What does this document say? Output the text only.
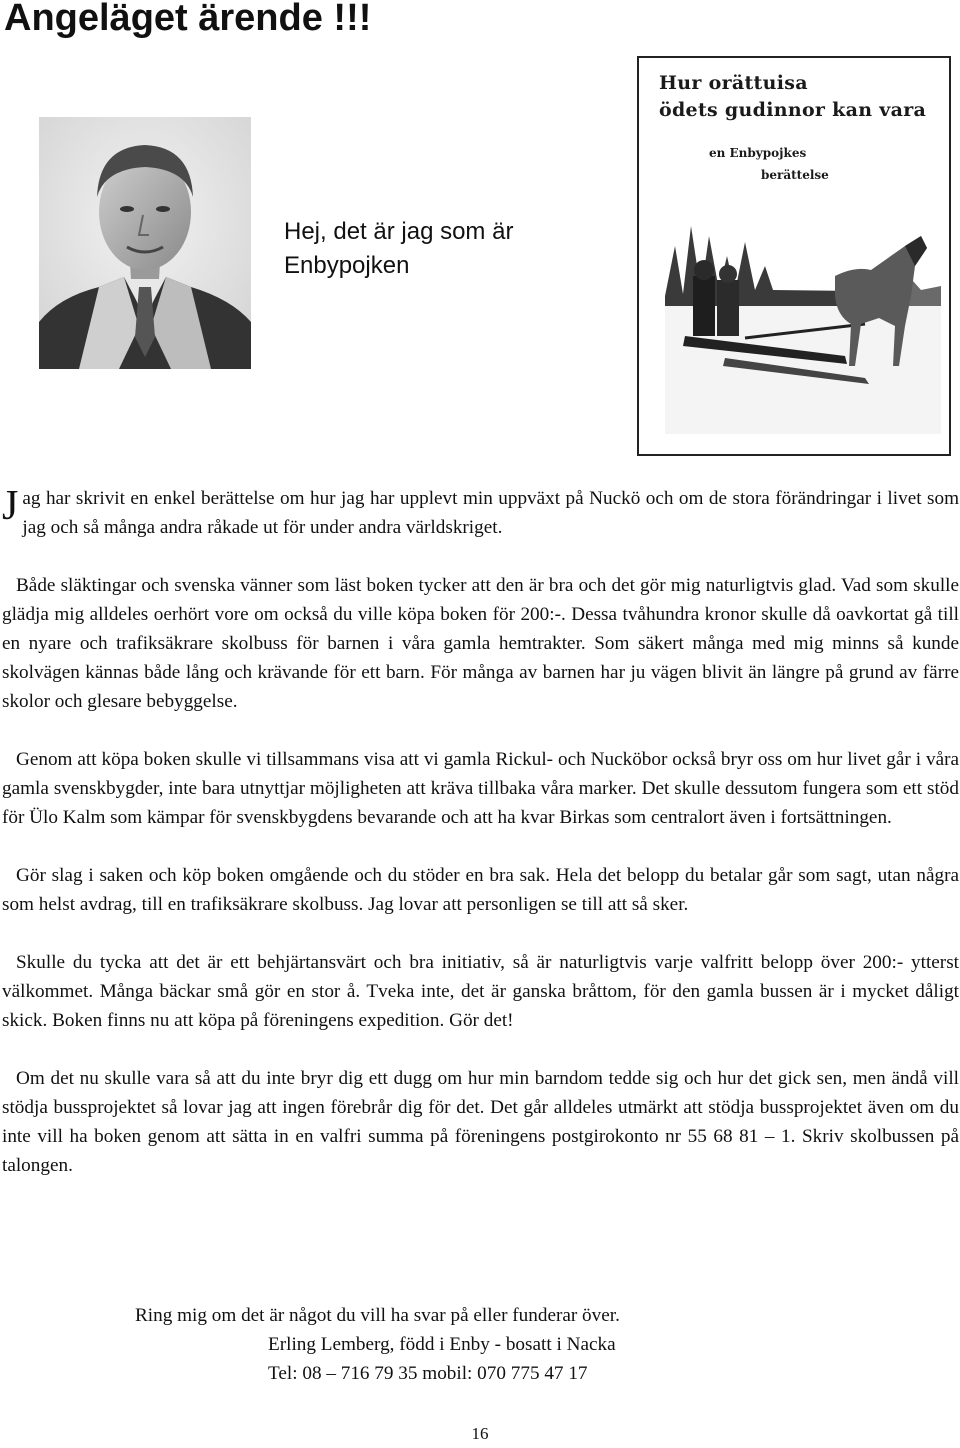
Angeläget ärende !!!
Hej, det är jag som är
Enbypojken
Hur orättuisa
ödets gudinnor kan vara
en Enbypojkes
berättelse

Jag har skrivit en enkel berättelse om hur jag har upplevt min uppväxt på Nuckö och om de stora förändringar i livet som jag och så många andra råkade ut för under andra världskriget.

Både släktingar och svenska vänner som läst boken tycker att den är bra och det gör mig naturligtvis glad. Vad som skulle glädja mig alldeles oerhört vore om också du ville köpa boken för 200:-. Dessa tvåhundra kronor skulle då oavkortat gå till en nyare och trafiksäkrare skolbuss för barnen i våra gamla hemtrakter. Som säkert många med mig minns så kunde skolvägen kännas både lång och krävande för ett barn. För många av barnen har ju vägen blivit än längre på grund av färre skolor och glesare bebyggelse.

Genom att köpa boken skulle vi tillsammans visa att vi gamla Rickul- och Nucköbor också bryr oss om hur livet går i våra gamla svenskbygder, inte bara utnyttjar möjligheten att kräva tillbaka våra marker. Det skulle dessutom fungera som ett stöd för Ülo Kalm som kämpar för svenskbygdens bevarande och att ha kvar Birkas som centralort även i fortsättningen.

Gör slag i saken och köp boken omgående och du stöder en bra sak. Hela det belopp du betalar går som sagt, utan några som helst avdrag, till en trafiksäkrare skolbuss. Jag lovar att personligen se till att så sker.

Skulle du tycka att det är ett behjärtansvärt och bra initiativ, så är naturligtvis varje valfritt belopp över 200:- ytterst välkommet. Många bäckar små gör en stor å. Tveka inte, det är ganska bråttom, för den gamla bussen är i mycket dåligt skick. Boken finns nu att köpa på föreningens expedition. Gör det!

Om det nu skulle vara så att du inte bryr dig ett dugg om hur min barndom tedde sig och hur det gick sen, men ändå vill stödja bussprojektet så lovar jag att ingen förebrår dig för det. Det går alldeles utmärkt att stödja bussprojektet även om du inte vill ha boken genom att sätta in en valfri summa på föreningens postgirokonto nr 55 68 81 – 1. Skriv skolbussen på talongen.

Ring mig om det är något du vill ha svar på eller funderar över.
Erling Lemberg, född i Enby - bosatt i Nacka
Tel: 08 – 716 79 35 mobil: 070 775 47 17
16
